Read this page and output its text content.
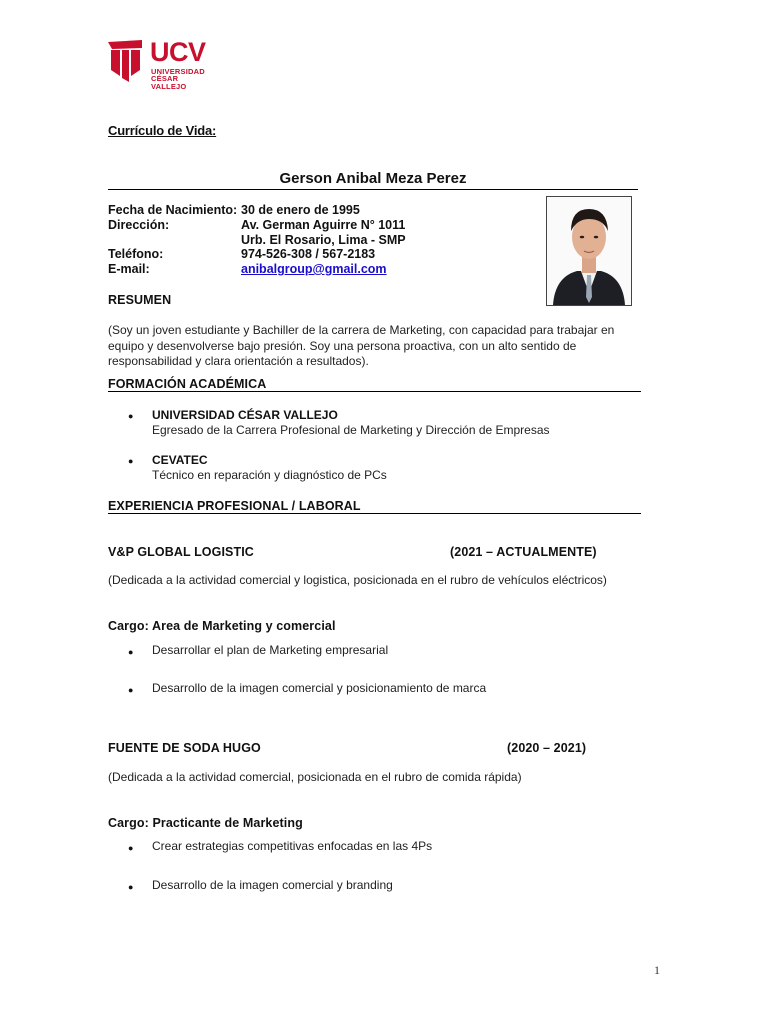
UCV
UNIVERSIDAD
CÉSAR VALLEJO
Currículo de Vida:
Gerson Anibal Meza Perez
Fecha de Nacimiento: 30 de enero de 1995
Dirección:	Av. German Aguirre N° 1011
Urb. El Rosario, Lima - SMP
Teléfono:	974-526-308 / 567-2183
E-mail:	anibalgroup@gmail.com
RESUMEN
(Soy un joven estudiante y Bachiller de la carrera de Marketing, con capacidad para trabajar en equipo y desenvolverse bajo presión. Soy una persona proactiva, con un alto sentido de responsabilidad y clara orientación a resultados).
FORMACIÓN ACADÉMICA
● UNIVERSIDAD CÉSAR VALLEJO
Egresado de la Carrera Profesional de Marketing y Dirección de Empresas
● CEVATEC
Técnico en reparación y diagnóstico de PCs
EXPERIENCIA PROFESIONAL / LABORAL
V&P GLOBAL LOGISTIC	(2021 – ACTUALMENTE)
(Dedicada a la actividad comercial y logistica, posicionada en el rubro de vehículos eléctricos)
Cargo: Area de Marketing y comercial
● Desarrollar el plan de Marketing empresarial
● Desarrollo de la imagen comercial y posicionamiento de marca
FUENTE DE SODA HUGO	(2020 – 2021)
(Dedicada a la actividad comercial, posicionada en el rubro de comida rápida)
Cargo: Practicante de Marketing
● Crear estrategias competitivas enfocadas en las 4Ps
● Desarrollo de la imagen comercial y branding
1
